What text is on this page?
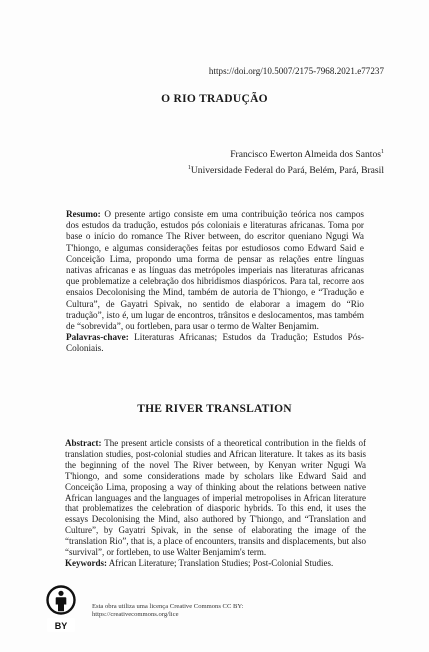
https://doi.org/10.5007/2175-7968.2021.e77237
O RIO TRADUÇÃO
Francisco Ewerton Almeida dos Santos$^1$
$^1$Universidade Federal do Pará, Belém, Pará, Brasil
Resumo: O presente artigo consiste em uma contribuição teórica nos campos dos estudos da tradução, estudos pós coloniais e literaturas africanas. Toma por base o início do romance The River between, do escritor queniano Ngugi Wa T'hiongo, e algumas considerações feitas por estudiosos como Edward Said e Conceição Lima, propondo uma forma de pensar as relações entre línguas nativas africanas e as línguas das metrópoles imperiais nas literaturas africanas que problematize a celebração dos hibridismos diaspóricos. Para tal, recorre aos ensaios Decolonising the Mind, também de autoria de T'hiongo, e “Tradução e Cultura”, de Gayatri Spivak, no sentido de elaborar a imagem do “Rio tradução”, isto é, um lugar de encontros, trânsitos e deslocamentos, mas também de “sobrevida”, ou fortleben, para usar o termo de Walter Benjamim.
Palavras-chave: Literaturas Africanas; Estudos da Tradução; Estudos Pós-Coloniais.
THE RIVER TRANSLATION
Abstract: The present article consists of a theoretical contribution in the fields of translation studies, post-colonial studies and African literature. It takes as its basis the beginning of the novel The River between, by Kenyan writer Ngugi Wa T'hiongo, and some considerations made by scholars like Edward Said and Conceição Lima, proposing a way of thinking about the relations between native African languages and the languages of imperial metropolises in African literature that problematizes the celebration of diasporic hybrids. To this end, it uses the essays Decolonising the Mind, also authored by T'hiongo, and “Translation and Culture”, by Gayatri Spivak, in the sense of elaborating the image of the “translation Rio”, that is, a place of encounters, transits and displacements, but also “survival”, or fortleben, to use Walter Benjamim's term.
Keywords: African Literature; Translation Studies; Post-Colonial Studies.
BY
Esta obra utiliza uma licença Creative Commons CC BY:
https://creativecommons.org/lice
